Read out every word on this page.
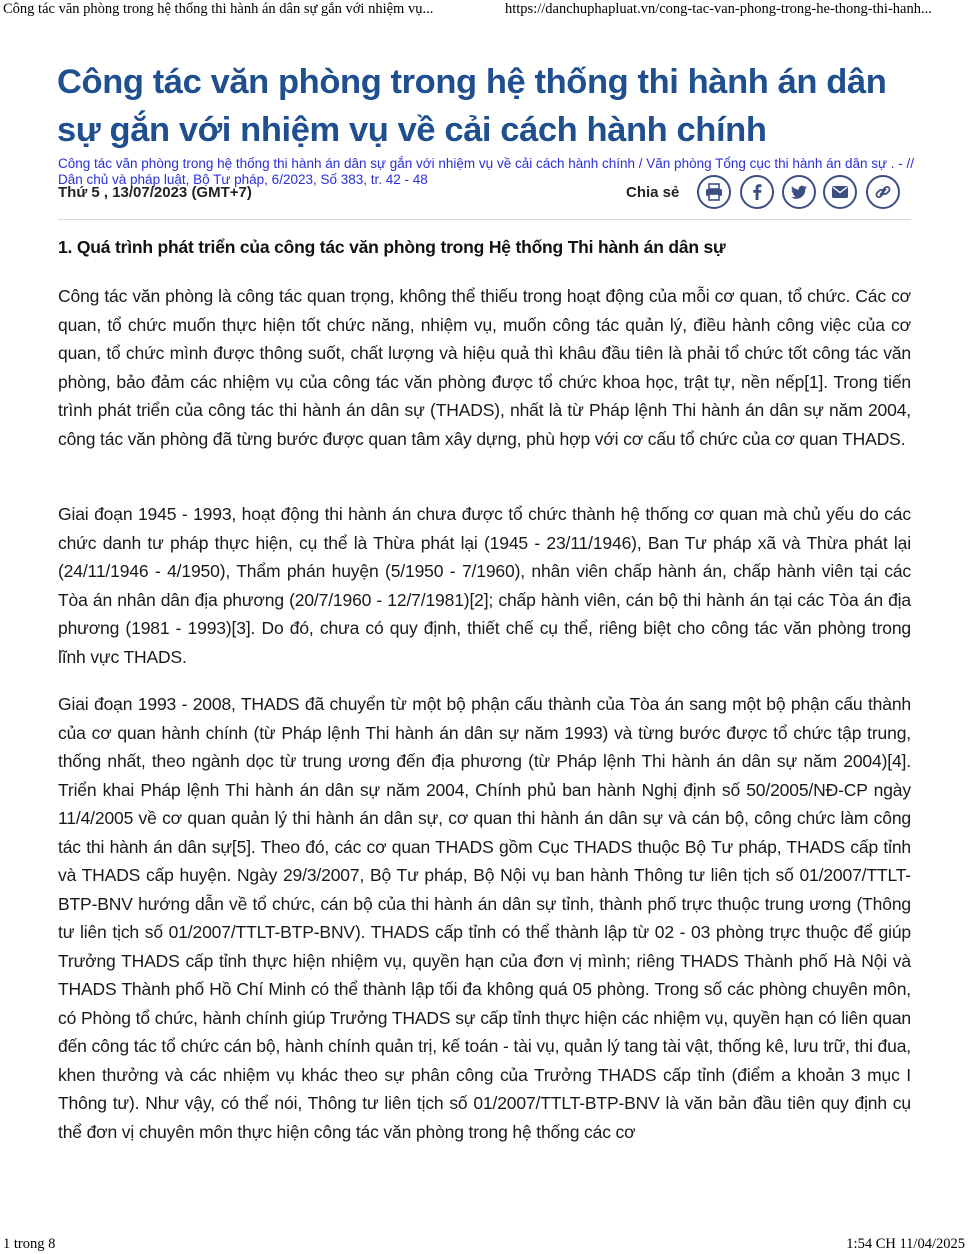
Công tác văn phòng trong hệ thống thi hành án dân sự gắn với nhiệm vụ...	https://danchuphapluat.vn/cong-tac-van-phong-trong-he-thong-thi-hanh...
Công tác văn phòng trong hệ thống thi hành án dân sự gắn với nhiệm vụ về cải cách hành chính
Công tác văn phòng trong hệ thống thi hành án dân sự gắn với nhiệm vụ về cải cách hành chính / Văn phòng Tổng cục thi hành án dân sự . - //
Dân chủ và pháp luật, Bộ Tư pháp, 6/2023, Số 383, tr. 42 - 48
Thứ 5 , 13/07/2023 (GMT+7)	Chia sẻ
1. Quá trình phát triển của công tác văn phòng trong Hệ thống Thi hành án dân sự

Công tác văn phòng là công tác quan trọng, không thể thiếu trong hoạt động của mỗi cơ quan, tổ chức. Các cơ quan, tổ chức muốn thực hiện tốt chức năng, nhiệm vụ, muốn công tác quản lý, điều hành công việc của cơ quan, tổ chức mình được thông suốt, chất lượng và hiệu quả thì khâu đầu tiên là phải tổ chức tốt công tác văn phòng, bảo đảm các nhiệm vụ của công tác văn phòng được tổ chức khoa học, trật tự, nền nếp[1]. Trong tiến trình phát triển của công tác thi hành án dân sự (THADS), nhất là từ Pháp lệnh Thi hành án dân sự năm 2004, công tác văn phòng đã từng bước được quan tâm xây dựng, phù hợp với cơ cấu tổ chức của cơ quan THADS.

Giai đoạn 1945 - 1993, hoạt động thi hành án chưa được tổ chức thành hệ thống cơ quan mà chủ yếu do các chức danh tư pháp thực hiện, cụ thể là Thừa phát lại (1945 - 23/11/1946), Ban Tư pháp xã và Thừa phát lại (24/11/1946 - 4/1950), Thẩm phán huyện (5/1950 - 7/1960), nhân viên chấp hành án, chấp hành viên tại các Tòa án nhân dân địa phương (20/7/1960 - 12/7/1981)[2]; chấp hành viên, cán bộ thi hành án tại các Tòa án địa phương (1981 - 1993)[3]. Do đó, chưa có quy định, thiết chế cụ thể, riêng biệt cho công tác văn phòng trong lĩnh vực THADS.

Giai đoạn 1993 - 2008, THADS đã chuyển từ một bộ phận cấu thành của Tòa án sang một bộ phận cấu thành của cơ quan hành chính (từ Pháp lệnh Thi hành án dân sự năm 1993) và từng bước được tổ chức tập trung, thống nhất, theo ngành dọc từ trung ương đến địa phương (từ Pháp lệnh Thi hành án dân sự năm 2004)[4]. Triển khai Pháp lệnh Thi hành án dân sự năm 2004, Chính phủ ban hành Nghị định số 50/2005/NĐ-CP ngày 11/4/2005 về cơ quan quản lý thi hành án dân sự, cơ quan thi hành án dân sự và cán bộ, công chức làm công tác thi hành án dân sự[5]. Theo đó, các cơ quan THADS gồm Cục THADS thuộc Bộ Tư pháp, THADS cấp tỉnh và THADS cấp huyện. Ngày 29/3/2007, Bộ Tư pháp, Bộ Nội vụ ban hành Thông tư liên tịch số 01/2007/TTLT-BTP-BNV hướng dẫn về tổ chức, cán bộ của thi hành án dân sự tỉnh, thành phố trực thuộc trung ương (Thông tư liên tịch số 01/2007/TTLT-BTP-BNV). THADS cấp tỉnh có thể thành lập từ 02 - 03 phòng trực thuộc để giúp Trưởng THADS cấp tỉnh thực hiện nhiệm vụ, quyền hạn của đơn vị mình; riêng THADS Thành phố Hà Nội và THADS Thành phố Hồ Chí Minh có thể thành lập tối đa không quá 05 phòng. Trong số các phòng chuyên môn, có Phòng tổ chức, hành chính giúp Trưởng THADS sự cấp tỉnh thực hiện các nhiệm vụ, quyền hạn có liên quan đến công tác tổ chức cán bộ, hành chính quản trị, kế toán - tài vụ, quản lý tang tài vật, thống kê, lưu trữ, thi đua, khen thưởng và các nhiệm vụ khác theo sự phân công của Trưởng THADS cấp tỉnh (điểm a khoản 3 mục I Thông tư). Như vậy, có thể nói, Thông tư liên tịch số 01/2007/TTLT-BTP-BNV là văn bản đầu tiên quy định cụ thể đơn vị chuyên môn thực hiện công tác văn phòng trong hệ thống các cơ

1 trong 8	1:54 CH 11/04/2025
